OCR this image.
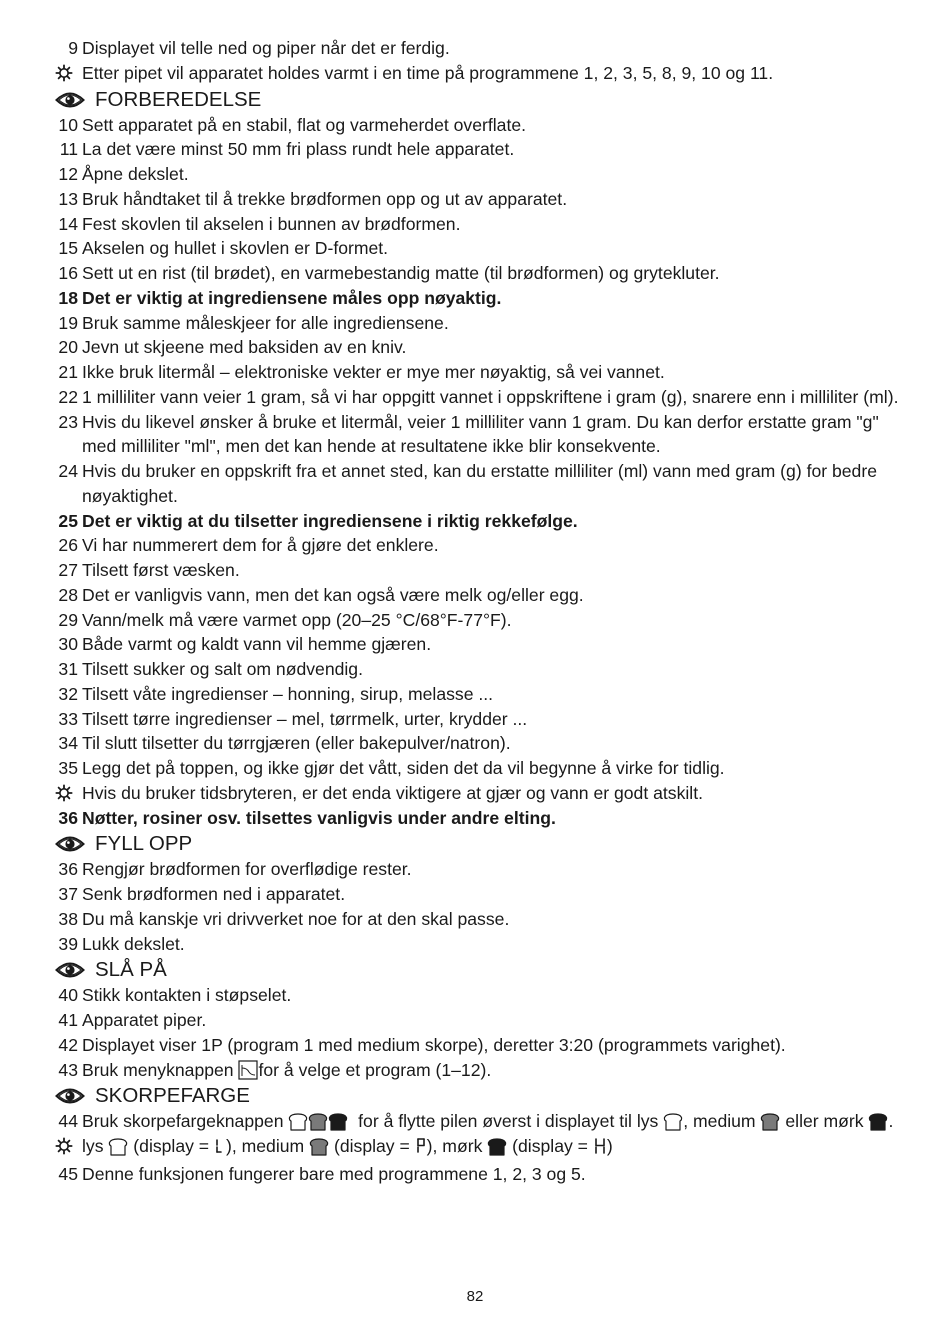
9 Displayet vil telle ned og piper når det er ferdig.
Etter pipet vil apparatet holdes varmt i en time på programmene 1, 2, 3, 5, 8, 9, 10 og 11.
FORBEREDELSE
10 Sett apparatet på en stabil, flat og varmeherdet overflate.
11 La det være minst 50 mm fri plass rundt hele apparatet.
12 Åpne dekslet.
13 Bruk håndtaket til å trekke brødformen opp og ut av apparatet.
14 Fest skovlen til akselen i bunnen av brødformen.
15 Akselen og hullet i skovlen er D-formet.
16 Sett ut en rist (til brødet), en varmebestandig matte (til brødformen) og grytekluter.
18 Det er viktig at ingrediensene måles opp nøyaktig.
19 Bruk samme måleskjeer for alle ingrediensene.
20 Jevn ut skjeene med baksiden av en kniv.
21 Ikke bruk litermål – elektroniske vekter er mye mer nøyaktig, så vei vannet.
22 1 milliliter vann veier 1 gram, så vi har oppgitt vannet i oppskriftene i gram (g), snarere enn i milliliter (ml).
23 Hvis du likevel ønsker å bruke et litermål, veier 1 milliliter vann 1 gram. Du kan derfor erstatte gram "g" med milliliter "ml", men det kan hende at resultatene ikke blir konsekvente.
24 Hvis du bruker en oppskrift fra et annet sted, kan du erstatte milliliter (ml) vann med gram (g) for bedre nøyaktighet.
25 Det er viktig at du tilsetter ingrediensene i riktig rekkefølge.
26 Vi har nummerert dem for å gjøre det enklere.
27 Tilsett først væsken.
28 Det er vanligvis vann, men det kan også være melk og/eller egg.
29 Vann/melk må være varmet opp (20–25 °C/68°F-77°F).
30 Både varmt og kaldt vann vil hemme gjæren.
31 Tilsett sukker og salt om nødvendig.
32 Tilsett våte ingredienser – honning, sirup, melasse ...
33 Tilsett tørre ingredienser – mel, tørrmelk, urter, krydder ...
34 Til slutt tilsetter du tørrgjæren (eller bakepulver/natron).
35 Legg det på toppen, og ikke gjør det vått, siden det da vil begynne å virke for tidlig.
Hvis du bruker tidsbryteren, er det enda viktigere at gjær og vann er godt atskilt.
36 Nøtter, rosiner osv. tilsettes vanligvis under andre elting.
FYLL OPP
36 Rengjør brødformen for overflødige rester.
37 Senk brødformen ned i apparatet.
38 Du må kanskje vri drivverket noe for at den skal passe.
39 Lukk dekslet.
SLÅ PÅ
40 Stikk kontakten i støpselet.
41 Apparatet piper.
42 Displayet viser 1P (program 1 med medium skorpe), deretter 3:20 (programmets varighet).
43 Bruk menyknappen for å velge et program (1–12).
SKORPEFARGE
44 Bruk skorpefargeknappen	for å flytte pilen øverst i displayet til lys , medium eller mørk .
lys (display = ), medium (display = ), mørk (display = )
45 Denne funksjonen fungerer bare med programmene 1, 2, 3 og 5.
82
